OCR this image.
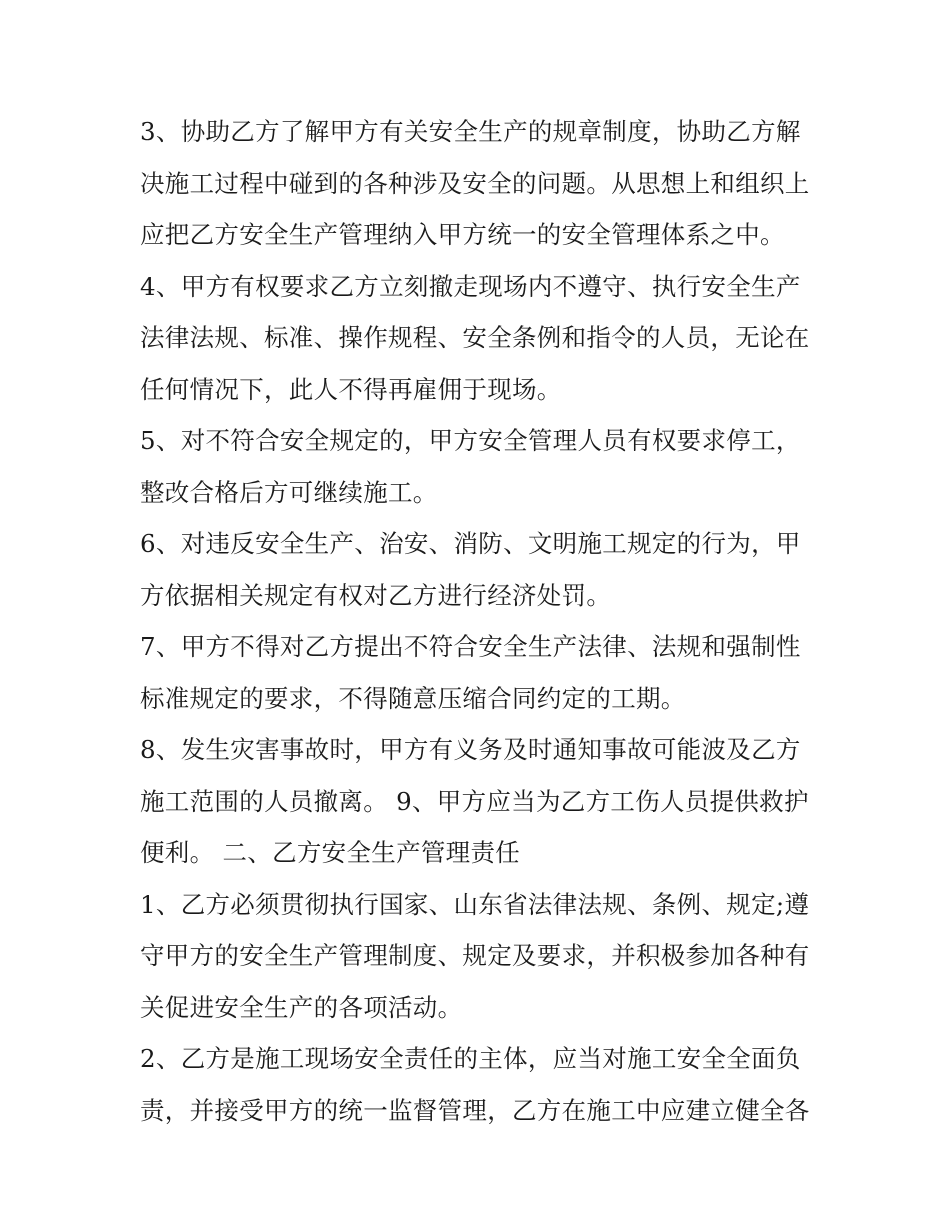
3、协助乙方了解甲方有关安全生产的规章制度，协助乙方解
决施工过程中碰到的各种涉及安全的问题。从思想上和组织上
应把乙方安全生产管理纳入甲方统一的安全管理体系之中。
4、甲方有权要求乙方立刻撤走现场内不遵守、执行安全生产
法律法规、标准、操作规程、安全条例和指令的人员，无论在
任何情况下，此人不得再雇佣于现场。
5、对不符合安全规定的，甲方安全管理人员有权要求停工，
整改合格后方可继续施工。
6、对违反安全生产、治安、消防、文明施工规定的行为，甲
方依据相关规定有权对乙方进行经济处罚。
7、甲方不得对乙方提出不符合安全生产法律、法规和强制性
标准规定的要求，不得随意压缩合同约定的工期。
8、发生灾害事故时，甲方有义务及时通知事故可能波及乙方
施工范围的人员撤离。 9、甲方应当为乙方工伤人员提供救护
便利。 二、乙方安全生产管理责任
1、乙方必须贯彻执行国家、山东省法律法规、条例、规定;遵
守甲方的安全生产管理制度、规定及要求，并积极参加各种有
关促进安全生产的各项活动。
2、乙方是施工现场安全责任的主体，应当对施工安全全面负
责，并接受甲方的统一监督管理，乙方在施工中应建立健全各
